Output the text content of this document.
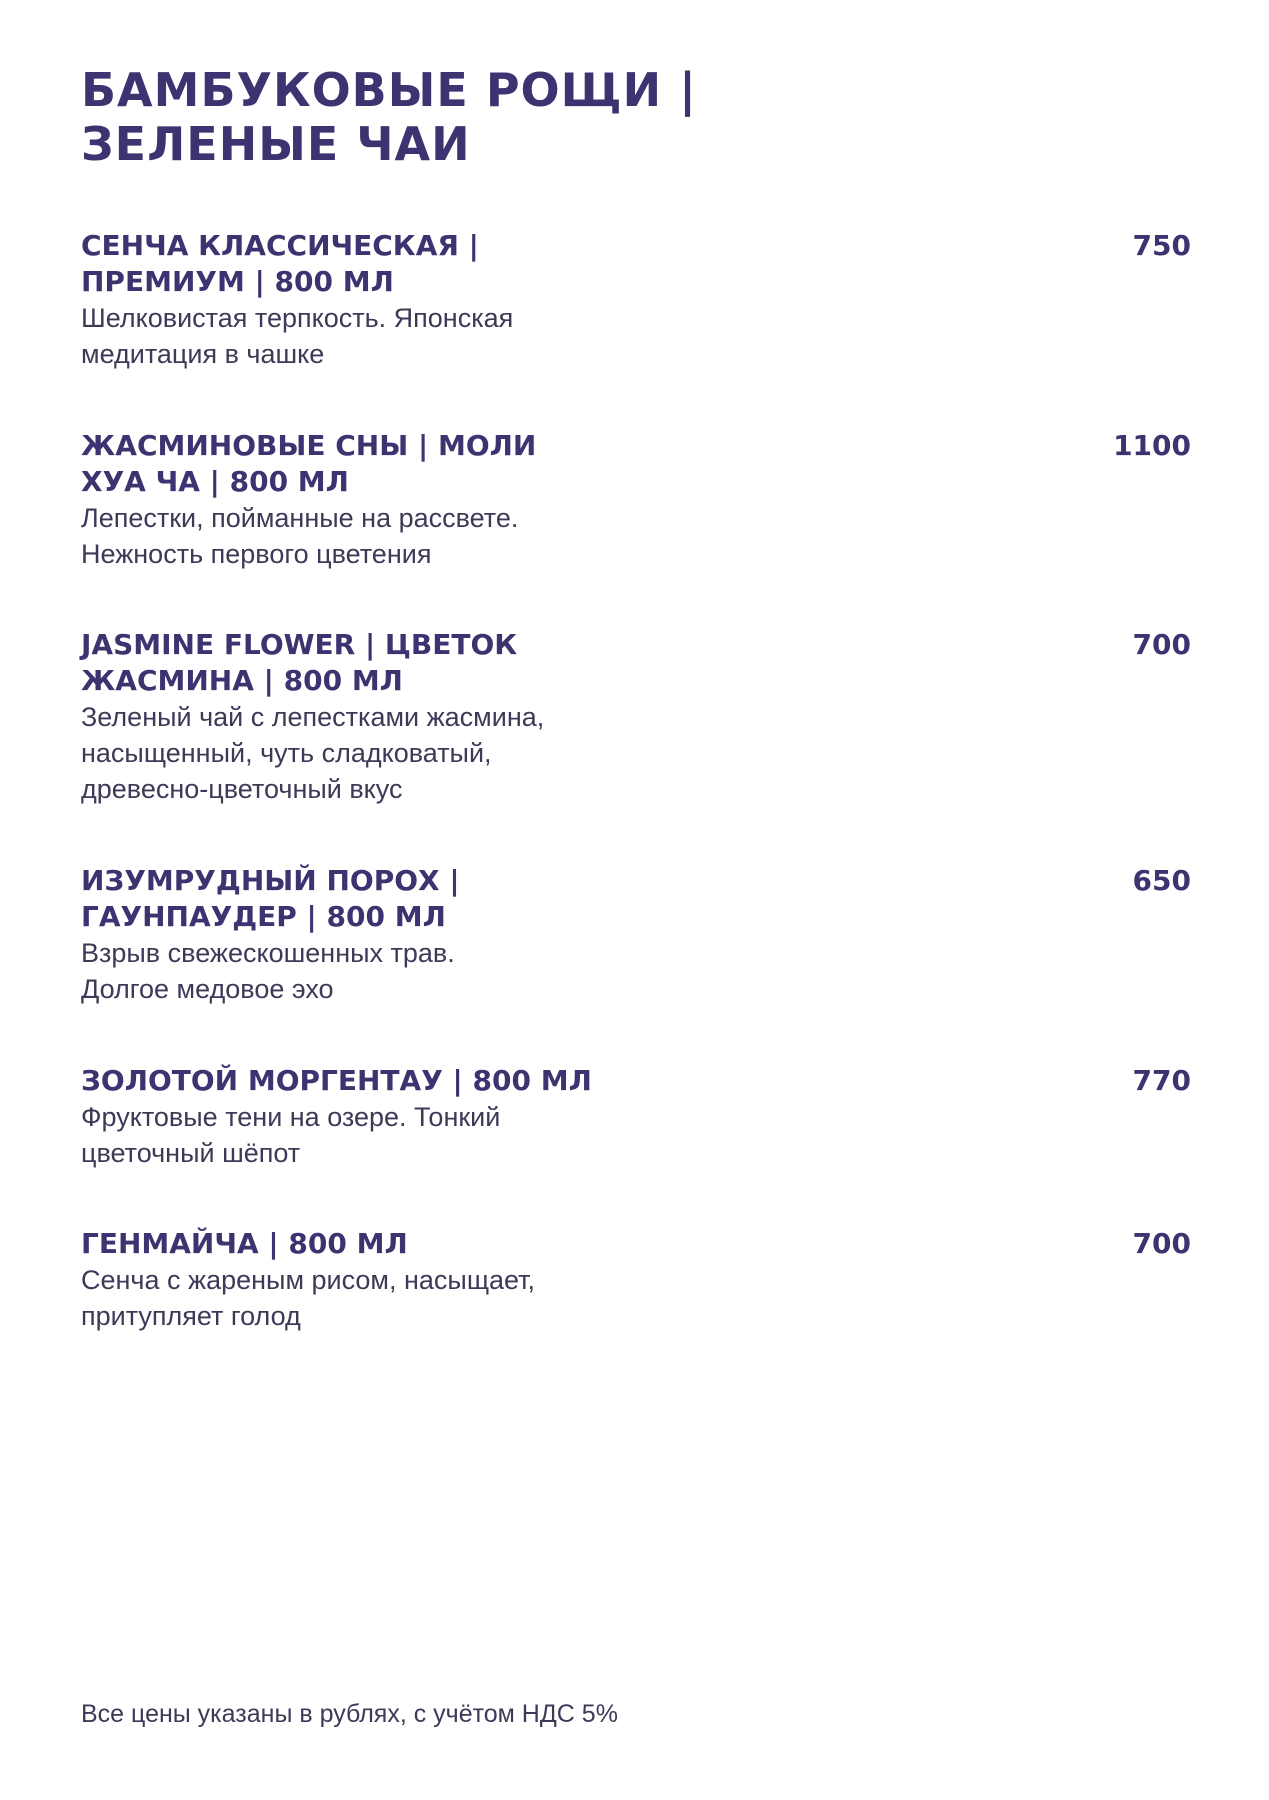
БАМБУКОВЫЕ РОЩИ |
ЗЕЛЕНЫЕ ЧАИ

СЕНЧА КЛАССИЧЕСКАЯ |
ПРЕМИУМ | 800 МЛ

Шелковистая терпкость. Японская
медитация в чашке

750

ЖАСМИНОВЫЕ СНЫ | МОЛИ
ХУА ЧА | 800 МЛ

Лепестки, пойманные на рассвете.
Нежность первого цветения

1100

JASMINE FLOWER | ЦВЕТОК
ЖАСМИНА | 800 МЛ

Зеленый чай с лепестками жасмина,
насыщенный, чуть сладковатый,
древесно-цветочный вкус

700

ИЗУМРУДНЫЙ ПОРОХ |
ГАУНПАУДЕР | 800 МЛ

Взрыв свежескошенных трав.
Долгое медовое эхо

650

ЗОЛОТОЙ МОРГЕНТАУ | 800 МЛ

Фруктовые тени на озере. Тонкий
цветочный шёпот

770

ГЕНМАЙЧА | 800 МЛ

Сенча с жареным рисом, насыщает,
притупляет голод

700
Все цены указаны в рублях, с учётом НДС 5%
